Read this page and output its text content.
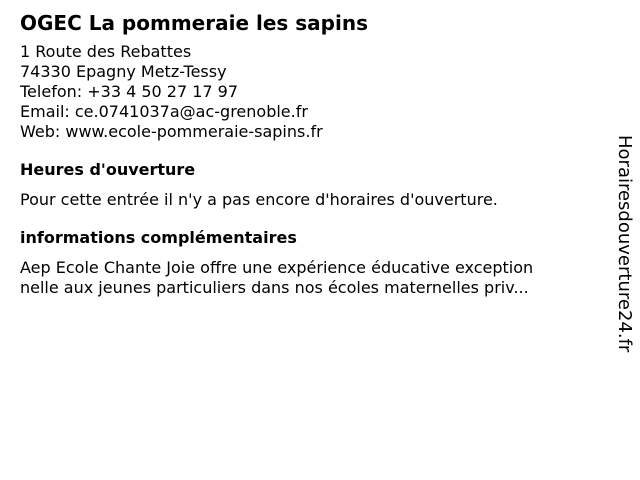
OGEC La pommeraie les sapins
1 Route des Rebattes
74330 Epagny Metz-Tessy
Telefon: +33 4 50 27 17 97
Email: ce.0741037a@ac-grenoble.fr
Web: www.ecole-pommeraie-sapins.fr
Heures d'ouverture
Pour cette entrée il n'y a pas encore d'horaires d'ouverture.
informations complémentaires
Aep Ecole Chante Joie offre une expérience éducative exception
nelle aux jeunes particuliers dans nos écoles maternelles priv...	Horairesdouverture24.fr
